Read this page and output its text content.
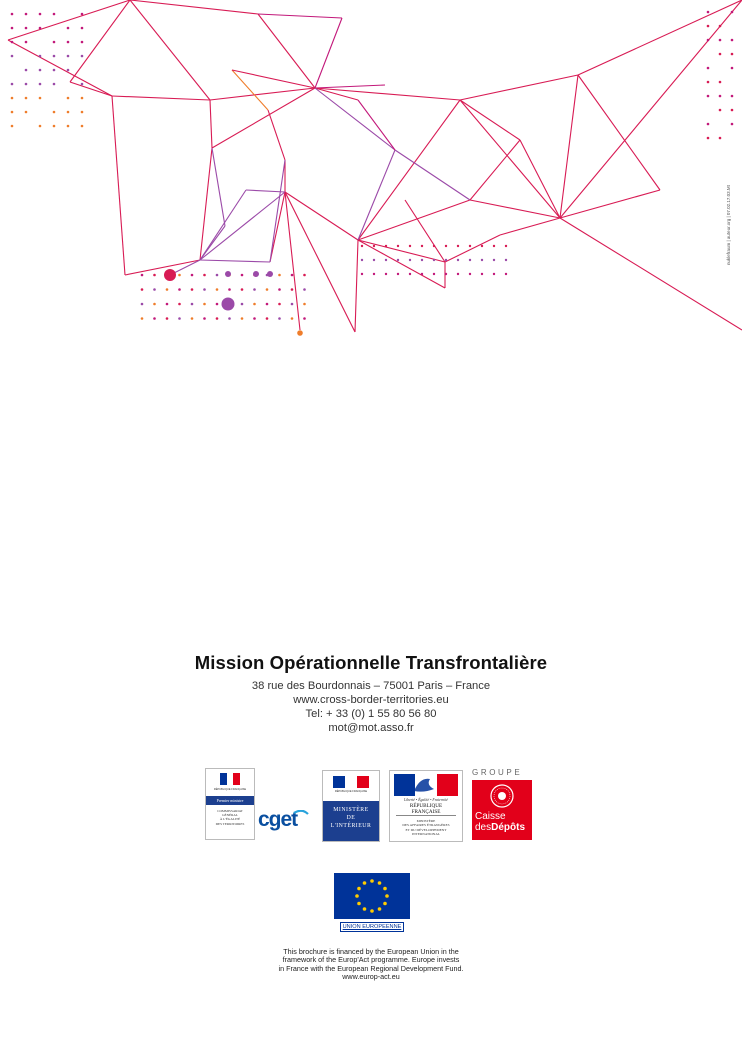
nuklefraum | auteur.org | 07.02.17.03.Mt
Mission Opérationnelle Transfrontalière
38 rue des Bourdonnais – 75001 Paris – France
www.cross-border-territories.eu
Tel: + 33 (0) 1 55 80 56 80
mot@mot.asso.fr
RÉPUBLIQUE FRANÇAISE
Premier ministre
COMMISSARIAT
GÉNÉRAL
À L'ÉGALITÉ
DES TERRITOIRES cget
RÉPUBLIQUE FRANÇAISE
MINISTÈRE
DE
L'INTÉRIEUR
Liberté • Égalité • Fraternité
RÉPUBLIQUE FRANÇAISE
MINISTÈRE
DES AFFAIRES ÉTRANGÈRES
ET DU DÉVELOPPEMENT
INTERNATIONAL
GROUPE
Caisse
desDépôts
UNION EUROPEENNE
This brochure is financed by the European Union in the
framework of the Europ'Act programme. Europe invests
in France with the European Regional Development Fund.
www.europ-act.eu
